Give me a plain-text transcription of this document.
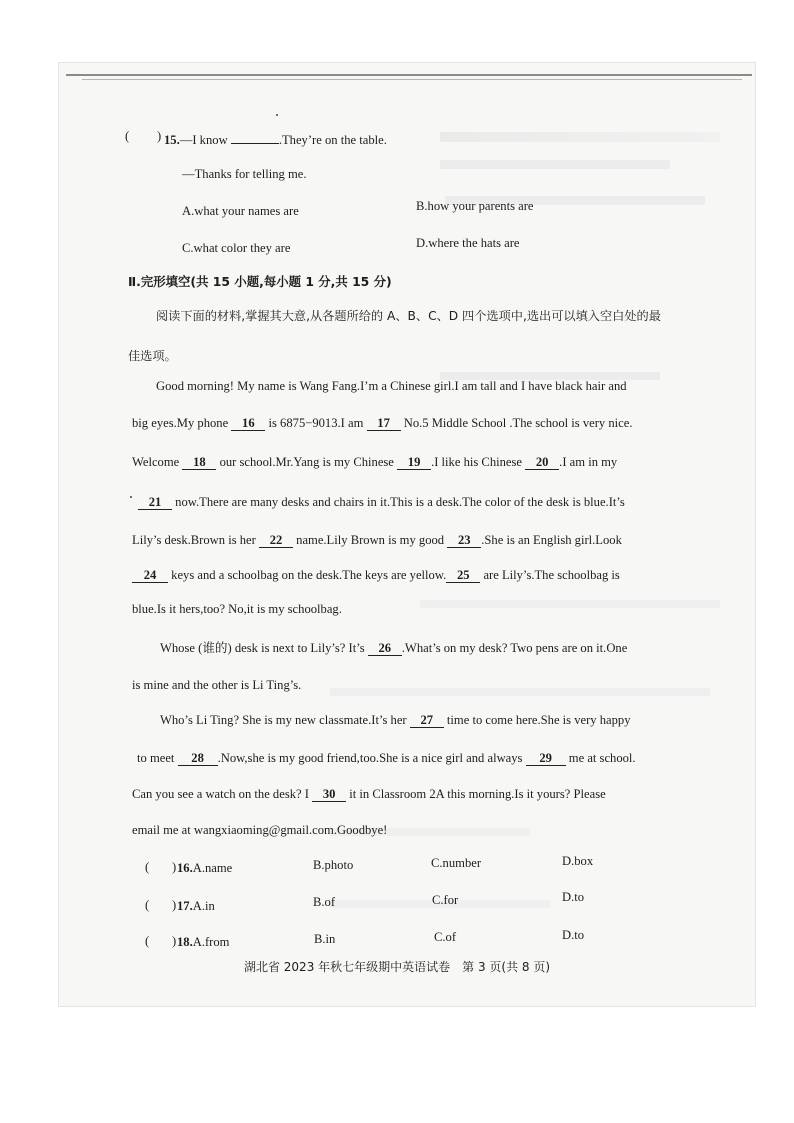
( ) 15.—I know	.They’re on the table.
—Thanks for telling me.
A.what your names are	B.how your parents are
C.what color they are	D.where the hats are
Ⅱ.完形填空(共 15 小题,每小题 1 分,共 15 分)
阅读下面的材料,掌握其大意,从各题所给的 A、B、C、D 四个选项中,选出可以填入空白处的最
佳选项。
Good morning! My name is Wang Fang.I’m a Chinese girl.I am tall and I have black hair and
big eyes.My phone 16 is 6875−9013.I am 17 No.5 Middle School .The school is very nice.
Welcome 18 our school.Mr.Yang is my Chinese 19 .I like his Chinese 20 .I am in my
21 now.There are many desks and chairs in it.This is a desk.The color of the desk is blue.It’s
Lily’s desk.Brown is her 22 name.Lily Brown is my good 23 .She is an English girl.Look
24 keys and a schoolbag on the desk.The keys are yellow. 25 are Lily’s.The schoolbag is
blue.Is it hers,too? No,it is my schoolbag.
Whose (谁的) desk is next to Lily’s? It’s 26 .What’s on my desk? Two pens are on it.One
is mine and the other is Li Ting’s.
Who’s Li Ting? She is my new classmate.It’s her 27 time to come here.She is very happy
to meet 28 .Now,she is my good friend,too.She is a nice girl and always 29 me at school.
Can you see a watch on the desk? I 30 it in Classroom 2A this morning.Is it yours? Please
email me at wangxiaoming@gmail.com.Goodbye!
( ) 16.A.name	B.photo	C.number	D.box
( ) 17.A.in	B.of	C.for	D.to
( ) 18.A.from	B.in	C.of	D.to
湖北省 2023 年秋七年级期中英语试卷　第 3 页(共 8 页)
